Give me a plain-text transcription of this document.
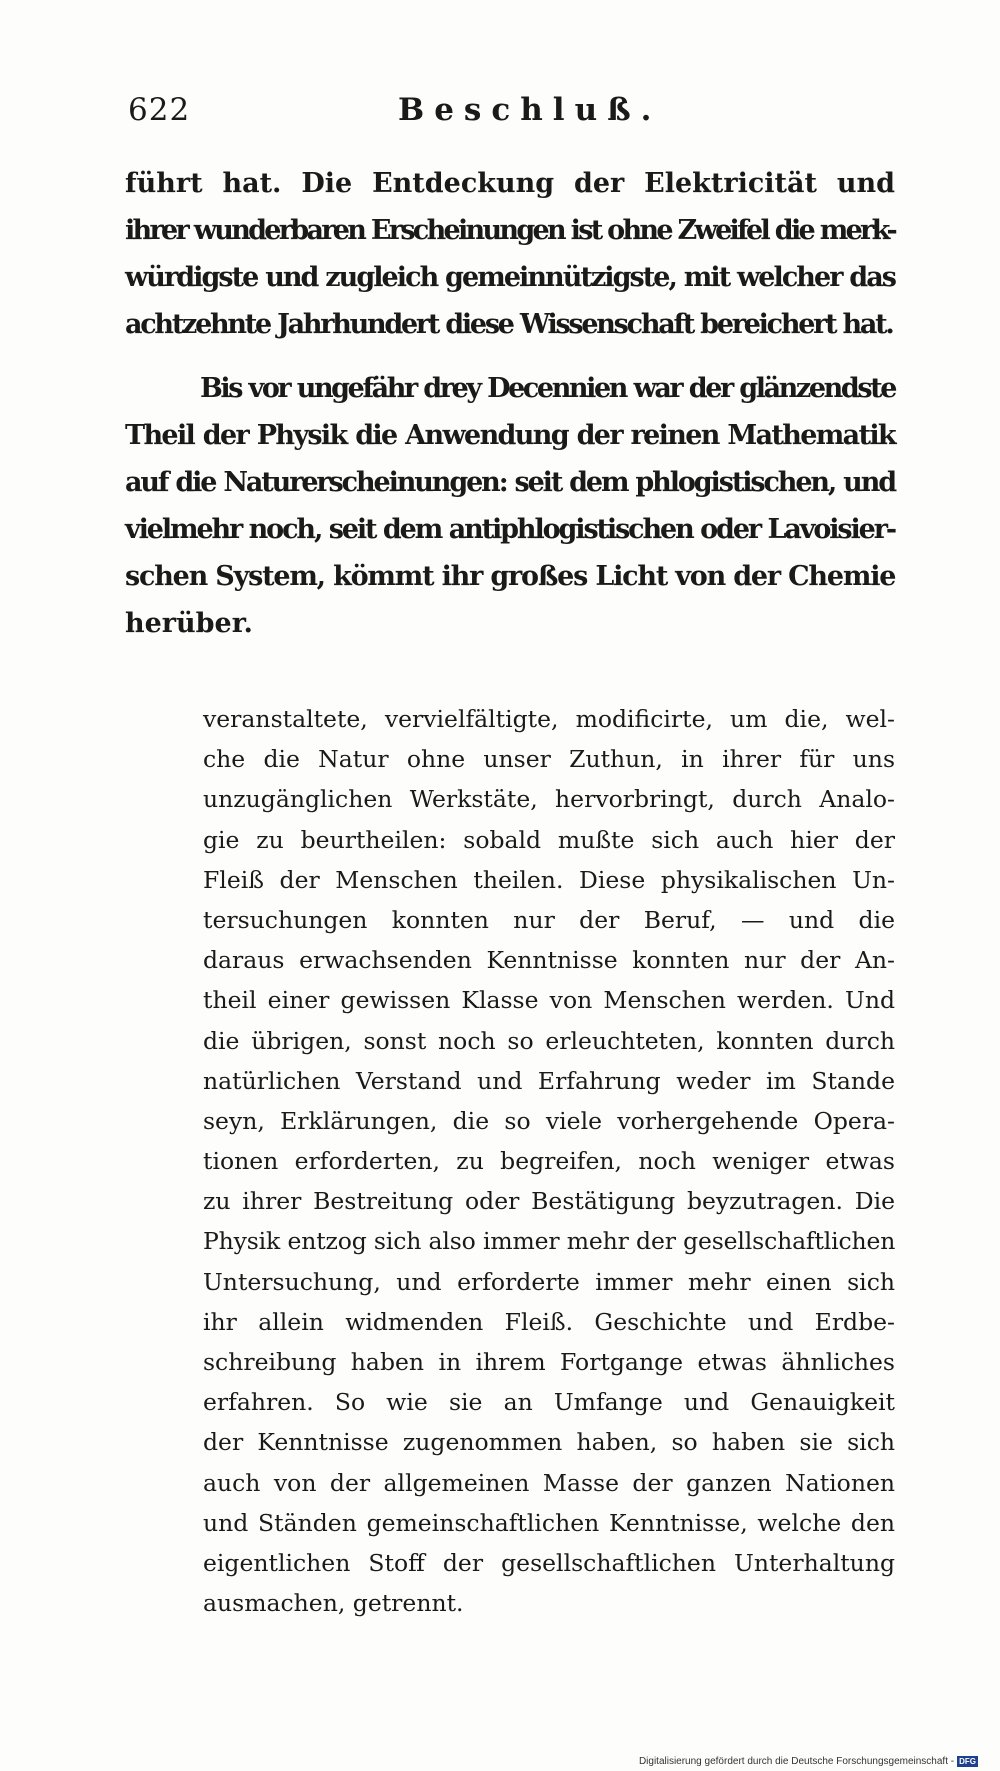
622	Beschluß.
führt hat. Die Entdeckung der Elektricität und
ihrer wunderbaren Erscheinungen ist ohne Zweifel die merk-
würdigste und zugleich gemeinnützigste, mit welcher das
achtzehnte Jahrhundert diese Wissenschaft bereichert hat.
Bis vor ungefähr drey Decennien war der glänzendste
Theil der Physik die Anwendung der reinen Mathematik
auf die Naturerscheinungen: seit dem phlogistischen, und
vielmehr noch, seit dem antiphlogistischen oder Lavoisier-
schen System, kömmt ihr großes Licht von der Chemie
herüber.
veranstaltete, vervielfältigte, modificirte, um die, wel-
che die Natur ohne unser Zuthun, in ihrer für uns
unzugänglichen Werkstäte, hervorbringt, durch Analo-
gie zu beurtheilen: sobald mußte sich auch hier der
Fleiß der Menschen theilen. Diese physikalischen Un-
tersuchungen konnten nur der Beruf, — und die
daraus erwachsenden Kenntnisse konnten nur der An-
theil einer gewissen Klasse von Menschen werden. Und
die übrigen, sonst noch so erleuchteten, konnten durch
natürlichen Verstand und Erfahrung weder im Stande
seyn, Erklärungen, die so viele vorhergehende Opera-
tionen erforderten, zu begreifen, noch weniger etwas
zu ihrer Bestreitung oder Bestätigung beyzutragen. Die
Physik entzog sich also immer mehr der gesellschaftlichen
Untersuchung, und erforderte immer mehr einen sich
ihr allein widmenden Fleiß. Geschichte und Erdbe-
schreibung haben in ihrem Fortgange etwas ähnliches
erfahren. So wie sie an Umfange und Genauigkeit
der Kenntnisse zugenommen haben, so haben sie sich
auch von der allgemeinen Masse der ganzen Nationen
und Ständen gemeinschaftlichen Kenntnisse, welche den
eigentlichen Stoff der gesellschaftlichen Unterhaltung
ausmachen, getrennt.
Digitalisierung gefördert durch die Deutsche Forschungsgemeinschaft - DFG
